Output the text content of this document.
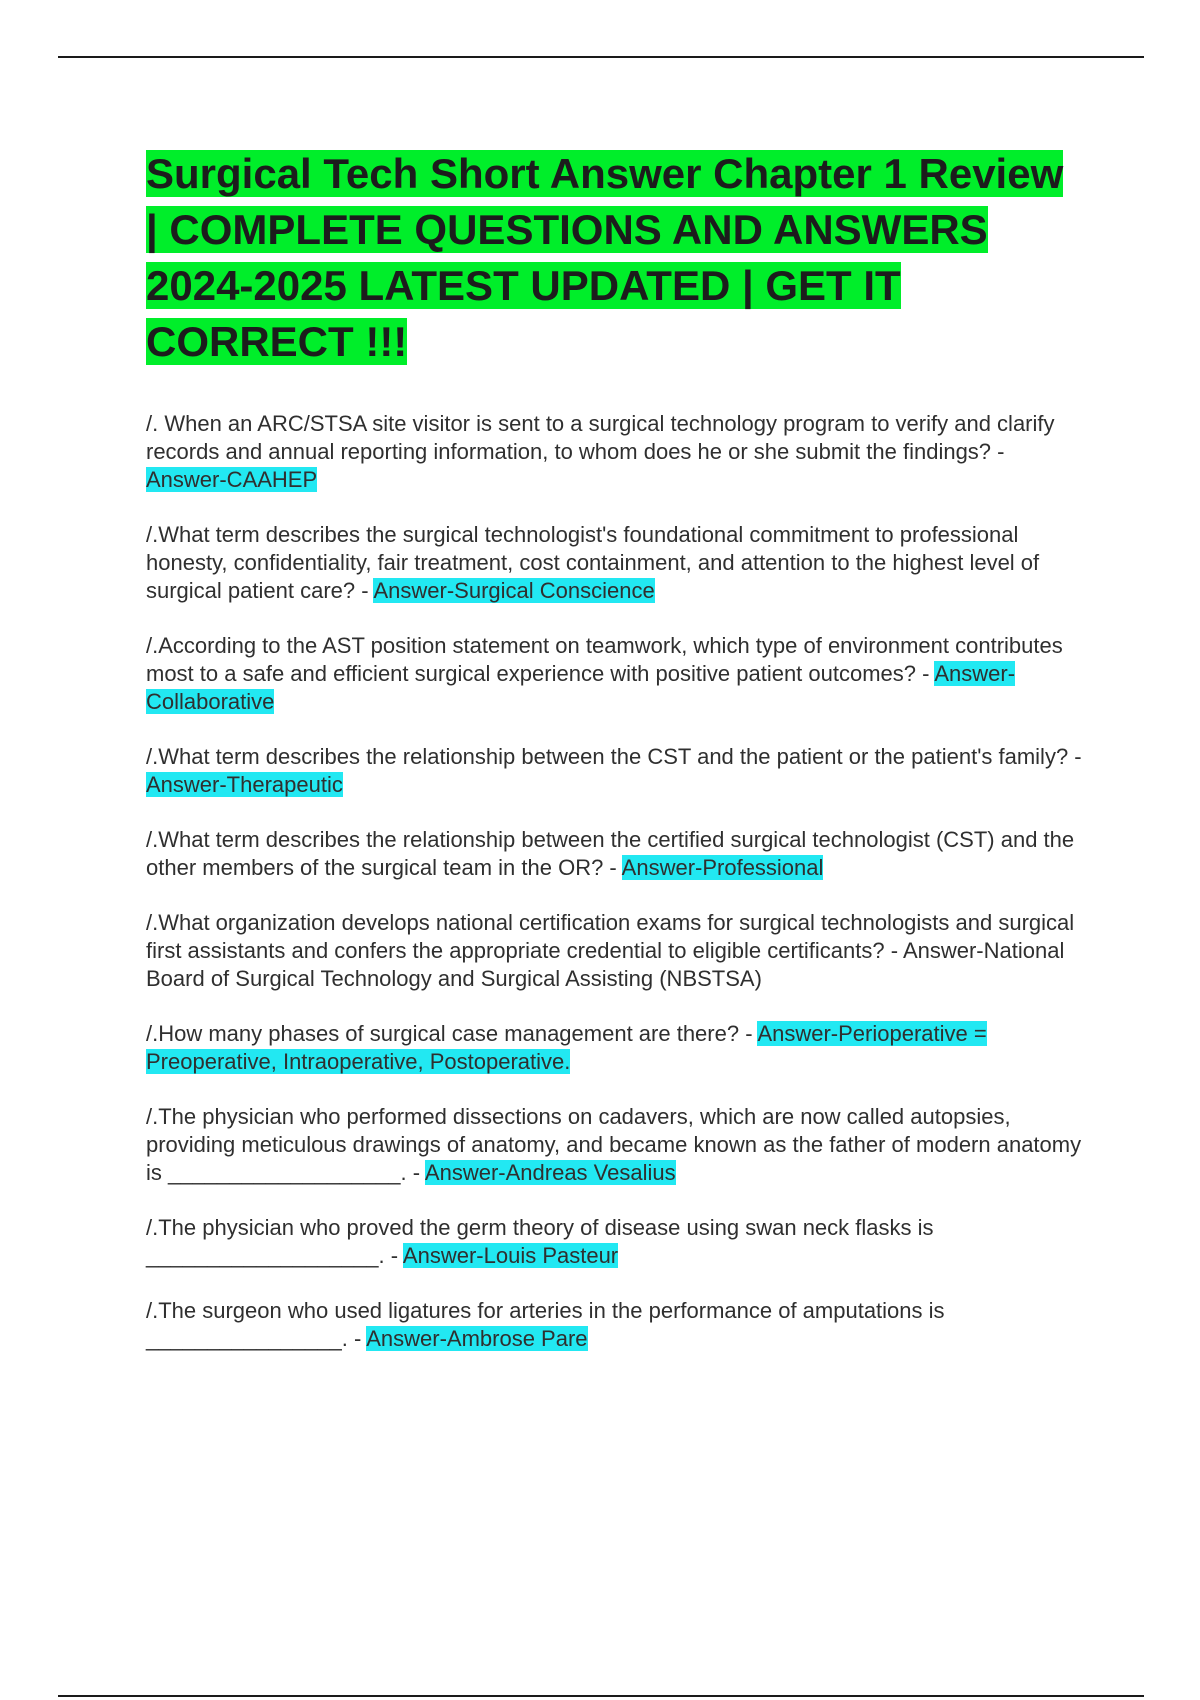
Surgical Tech Short Answer Chapter 1 Review | COMPLETE QUESTIONS AND ANSWERS 2024-2025 LATEST UPDATED | GET IT CORRECT !!!
/. When an ARC/STSA site visitor is sent to a surgical technology program to verify and clarify records and annual reporting information, to whom does he or she submit the findings? - Answer-CAAHEP
/.What term describes the surgical technologist's foundational commitment to professional honesty, confidentiality, fair treatment, cost containment, and attention to the highest level of surgical patient care? - Answer-Surgical Conscience
/.According to the AST position statement on teamwork, which type of environment contributes most to a safe and efficient surgical experience with positive patient outcomes? - Answer-Collaborative
/.What term describes the relationship between the CST and the patient or the patient's family? - Answer-Therapeutic
/.What term describes the relationship between the certified surgical technologist (CST) and the other members of the surgical team in the OR? - Answer-Professional
/.What organization develops national certification exams for surgical technologists and surgical first assistants and confers the appropriate credential to eligible certificants? - Answer-National Board of Surgical Technology and Surgical Assisting (NBSTSA)
/.How many phases of surgical case management are there? - Answer-Perioperative = Preoperative, Intraoperative, Postoperative.
/.The physician who performed dissections on cadavers, which are now called autopsies, providing meticulous drawings of anatomy, and became known as the father of modern anatomy is ___________________. - Answer-Andreas Vesalius
/.The physician who proved the germ theory of disease using swan neck flasks is ___________________. - Answer-Louis Pasteur
/.The surgeon who used ligatures for arteries in the performance of amputations is ________________. - Answer-Ambrose Pare
